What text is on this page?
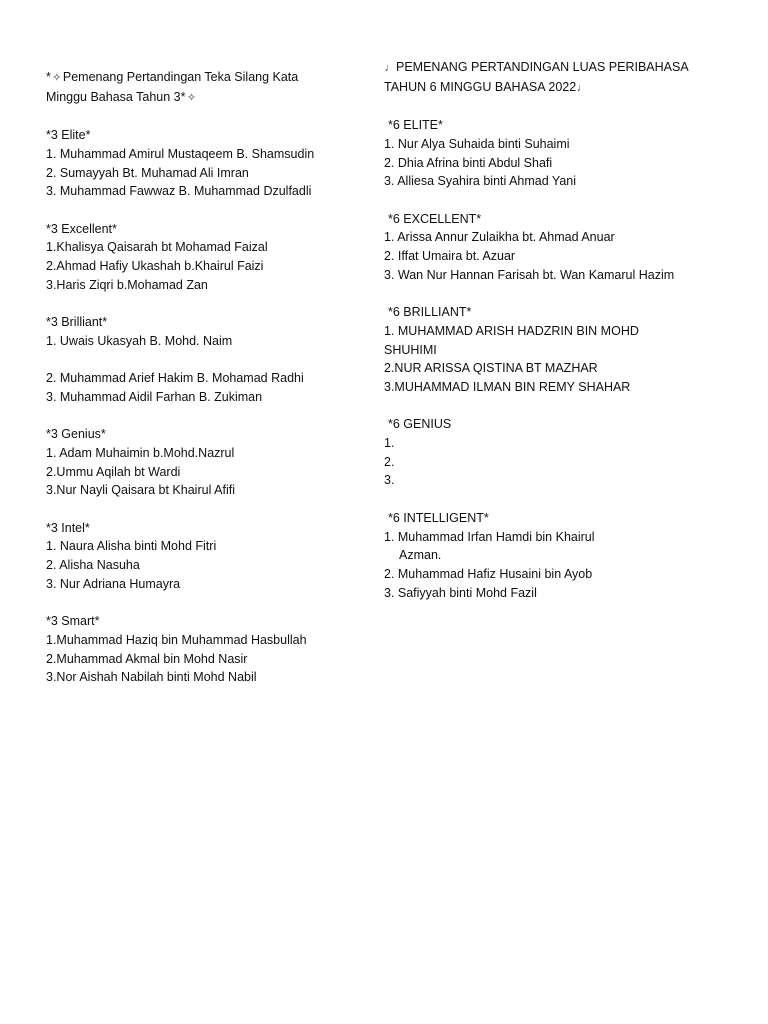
*✧Pemenang Pertandingan Teka Silang Kata
Minggu Bahasa Tahun 3*✧
*3 Elite*
1. Muhammad Amirul Mustaqeem B. Shamsudin
2. Sumayyah Bt. Muhamad Ali Imran
3. Muhammad Fawwaz B. Muhammad Dzulfadli
*3 Excellent*
1.Khalisya Qaisarah bt Mohamad Faizal
2.Ahmad Hafiy Ukashah b.Khairul Faizi
3.Haris Ziqri b.Mohamad Zan
*3 Brilliant*
1. Uwais Ukasyah B. Mohd. Naim
2. Muhammad Arief Hakim B. Mohamad Radhi
3. Muhammad Aidil Farhan B. Zukiman
*3 Genius*
1. Adam Muhaimin b.Mohd.Nazrul
2.Ummu Aqilah bt Wardi
3.Nur Nayli Qaisara bt Khairul Afifi
*3 Intel*
1. Naura Alisha binti Mohd Fitri
2. Alisha Nasuha
3. Nur Adriana Humayra
*3 Smart*
1.Muhammad Haziq bin Muhammad Hasbullah
2.Muhammad Akmal bin Mohd Nasir
3.Nor Aishah Nabilah binti Mohd Nabil
♩PEMENANG PERTANDINGAN LUAS PERIBAHASA
TAHUN 6 MINGGU BAHASA 2022♩
*6 ELITE*
1. Nur Alya Suhaida binti Suhaimi
2. Dhia Afrina binti Abdul Shafi
3. Alliesa Syahira binti Ahmad Yani
*6 EXCELLENT*
1. Arissa Annur Zulaikha bt. Ahmad Anuar
2. Iffat Umaira bt. Azuar
3. Wan Nur Hannan Farisah bt. Wan Kamarul Hazim
*6 BRILLIANT*
1. MUHAMMAD ARISH HADZRIN BIN MOHD
SHUHIMI
2.NUR ARISSA QISTINA BT MAZHAR
3.MUHAMMAD ILMAN BIN REMY SHAHAR
*6 GENIUS
1.
2.
3.
*6 INTELLIGENT*
1. Muhammad Irfan Hamdi bin Khairul
Azman.
2. Muhammad Hafiz Husaini bin Ayob
3. Safiyyah binti Mohd Fazil
